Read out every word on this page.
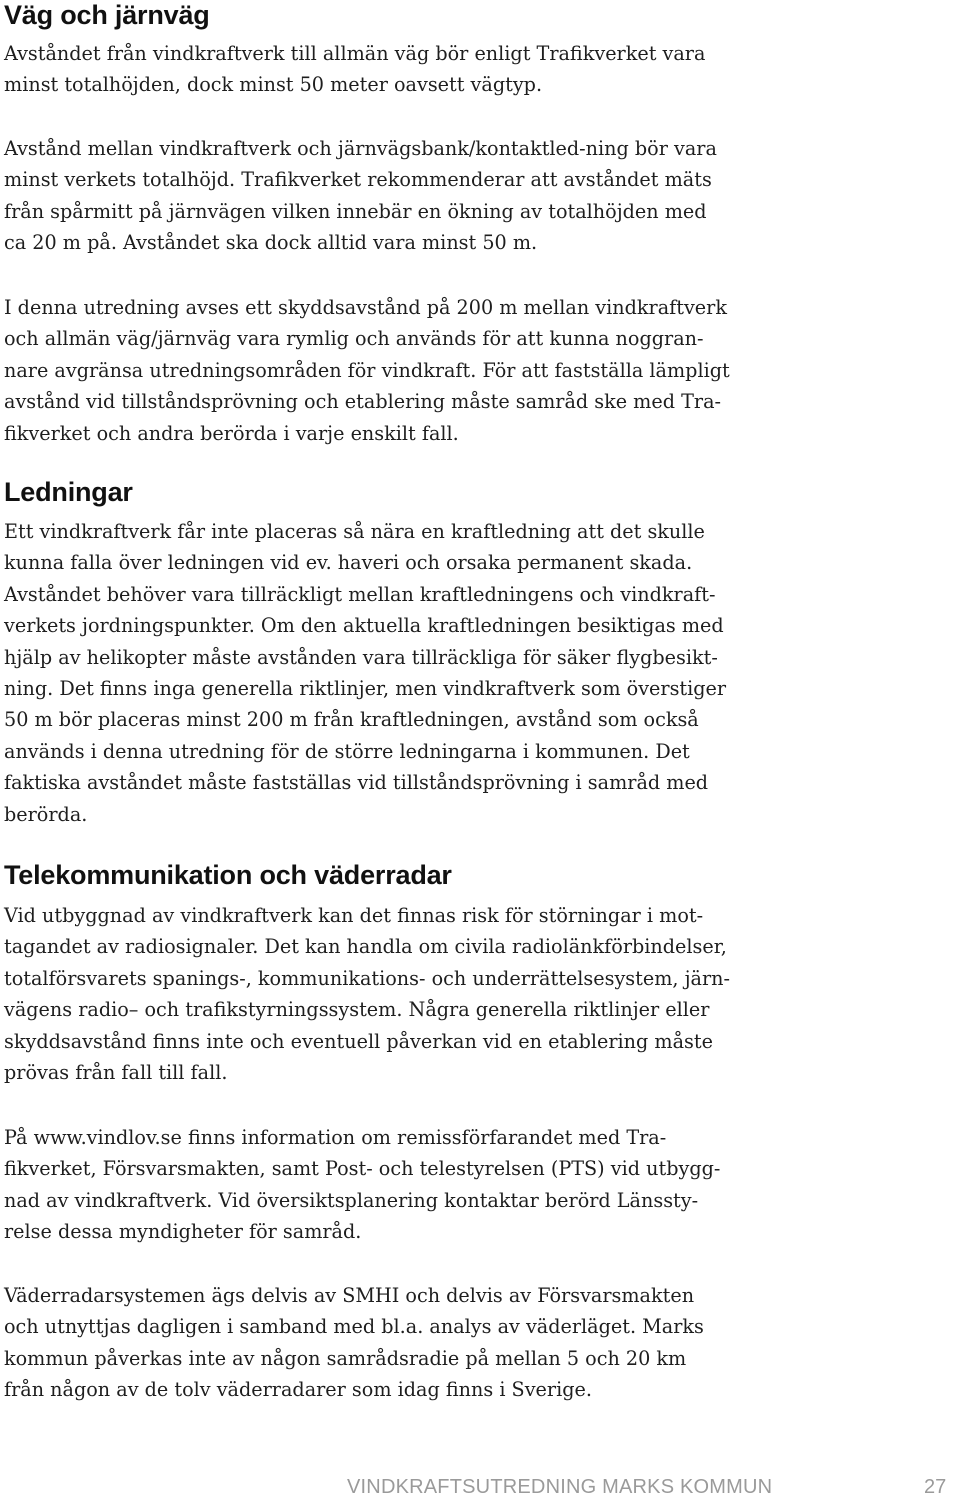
Väg och järnväg

Avståndet från vindkraftverk till allmän väg bör enligt Trafikverket vara
minst totalhöjden, dock minst 50 meter oavsett vägtyp.

Avstånd mellan vindkraftverk och järnvägsbank/kontaktled-ning bör vara
minst verkets totalhöjd. Trafikverket rekommenderar att avståndet mäts
från spårmitt på järnvägen vilken innebär en ökning av totalhöjden med
ca 20 m på. Avståndet ska dock alltid vara minst 50 m.

I denna utredning avses ett skyddsavstånd på 200 m mellan vindkraftverk
och allmän väg/järnväg vara rymlig och används för att kunna noggran-
nare avgränsa utredningsområden för vindkraft. För att fastställa lämpligt
avstånd vid tillståndsprövning och etablering måste samråd ske med Tra-
fikverket och andra berörda i varje enskilt fall.

Ledningar

Ett vindkraftverk får inte placeras så nära en kraftledning att det skulle
kunna falla över ledningen vid ev. haveri och orsaka permanent skada.
Avståndet behöver vara tillräckligt mellan kraftledningens och vindkraft-
verkets jordningspunkter. Om den aktuella kraftledningen besiktigas med
hjälp av helikopter måste avstånden vara tillräckliga för säker flygbesikt-
ning. Det finns inga generella riktlinjer, men vindkraftverk som överstiger
50 m bör placeras minst 200 m från kraftledningen, avstånd som också
används i denna utredning för de större ledningarna i kommunen. Det
faktiska avståndet måste fastställas vid tillståndsprövning i samråd med
berörda.

Telekommunikation och väderradar

Vid utbyggnad av vindkraftverk kan det finnas risk för störningar i mot-
tagandet av radiosignaler. Det kan handla om civila radiolänkförbindelser,
totalförsvarets spanings-, kommunikations- och underrättelsesystem, järn-
vägens radio– och trafikstyrningssystem. Några generella riktlinjer eller
skyddsavstånd finns inte och eventuell påverkan vid en etablering måste
prövas från fall till fall.

På www.vindlov.se finns information om remissförfarandet med Tra-
fikverket, Försvarsmakten, samt Post- och telestyrelsen (PTS) vid utbygg-
nad av vindkraftverk. Vid översiktsplanering kontaktar berörd Länssty-
relse dessa myndigheter för samråd.

Väderradarsystemen ägs delvis av SMHI och delvis av Försvarsmakten
och utnyttjas dagligen i samband med bl.a. analys av väderläget. Marks
kommun påverkas inte av någon samrådsradie på mellan 5 och 20 km
från någon av de tolv väderradarer som idag finns i Sverige.

VINDKRAFTSUTREDNING MARKS KOMMUN	27
